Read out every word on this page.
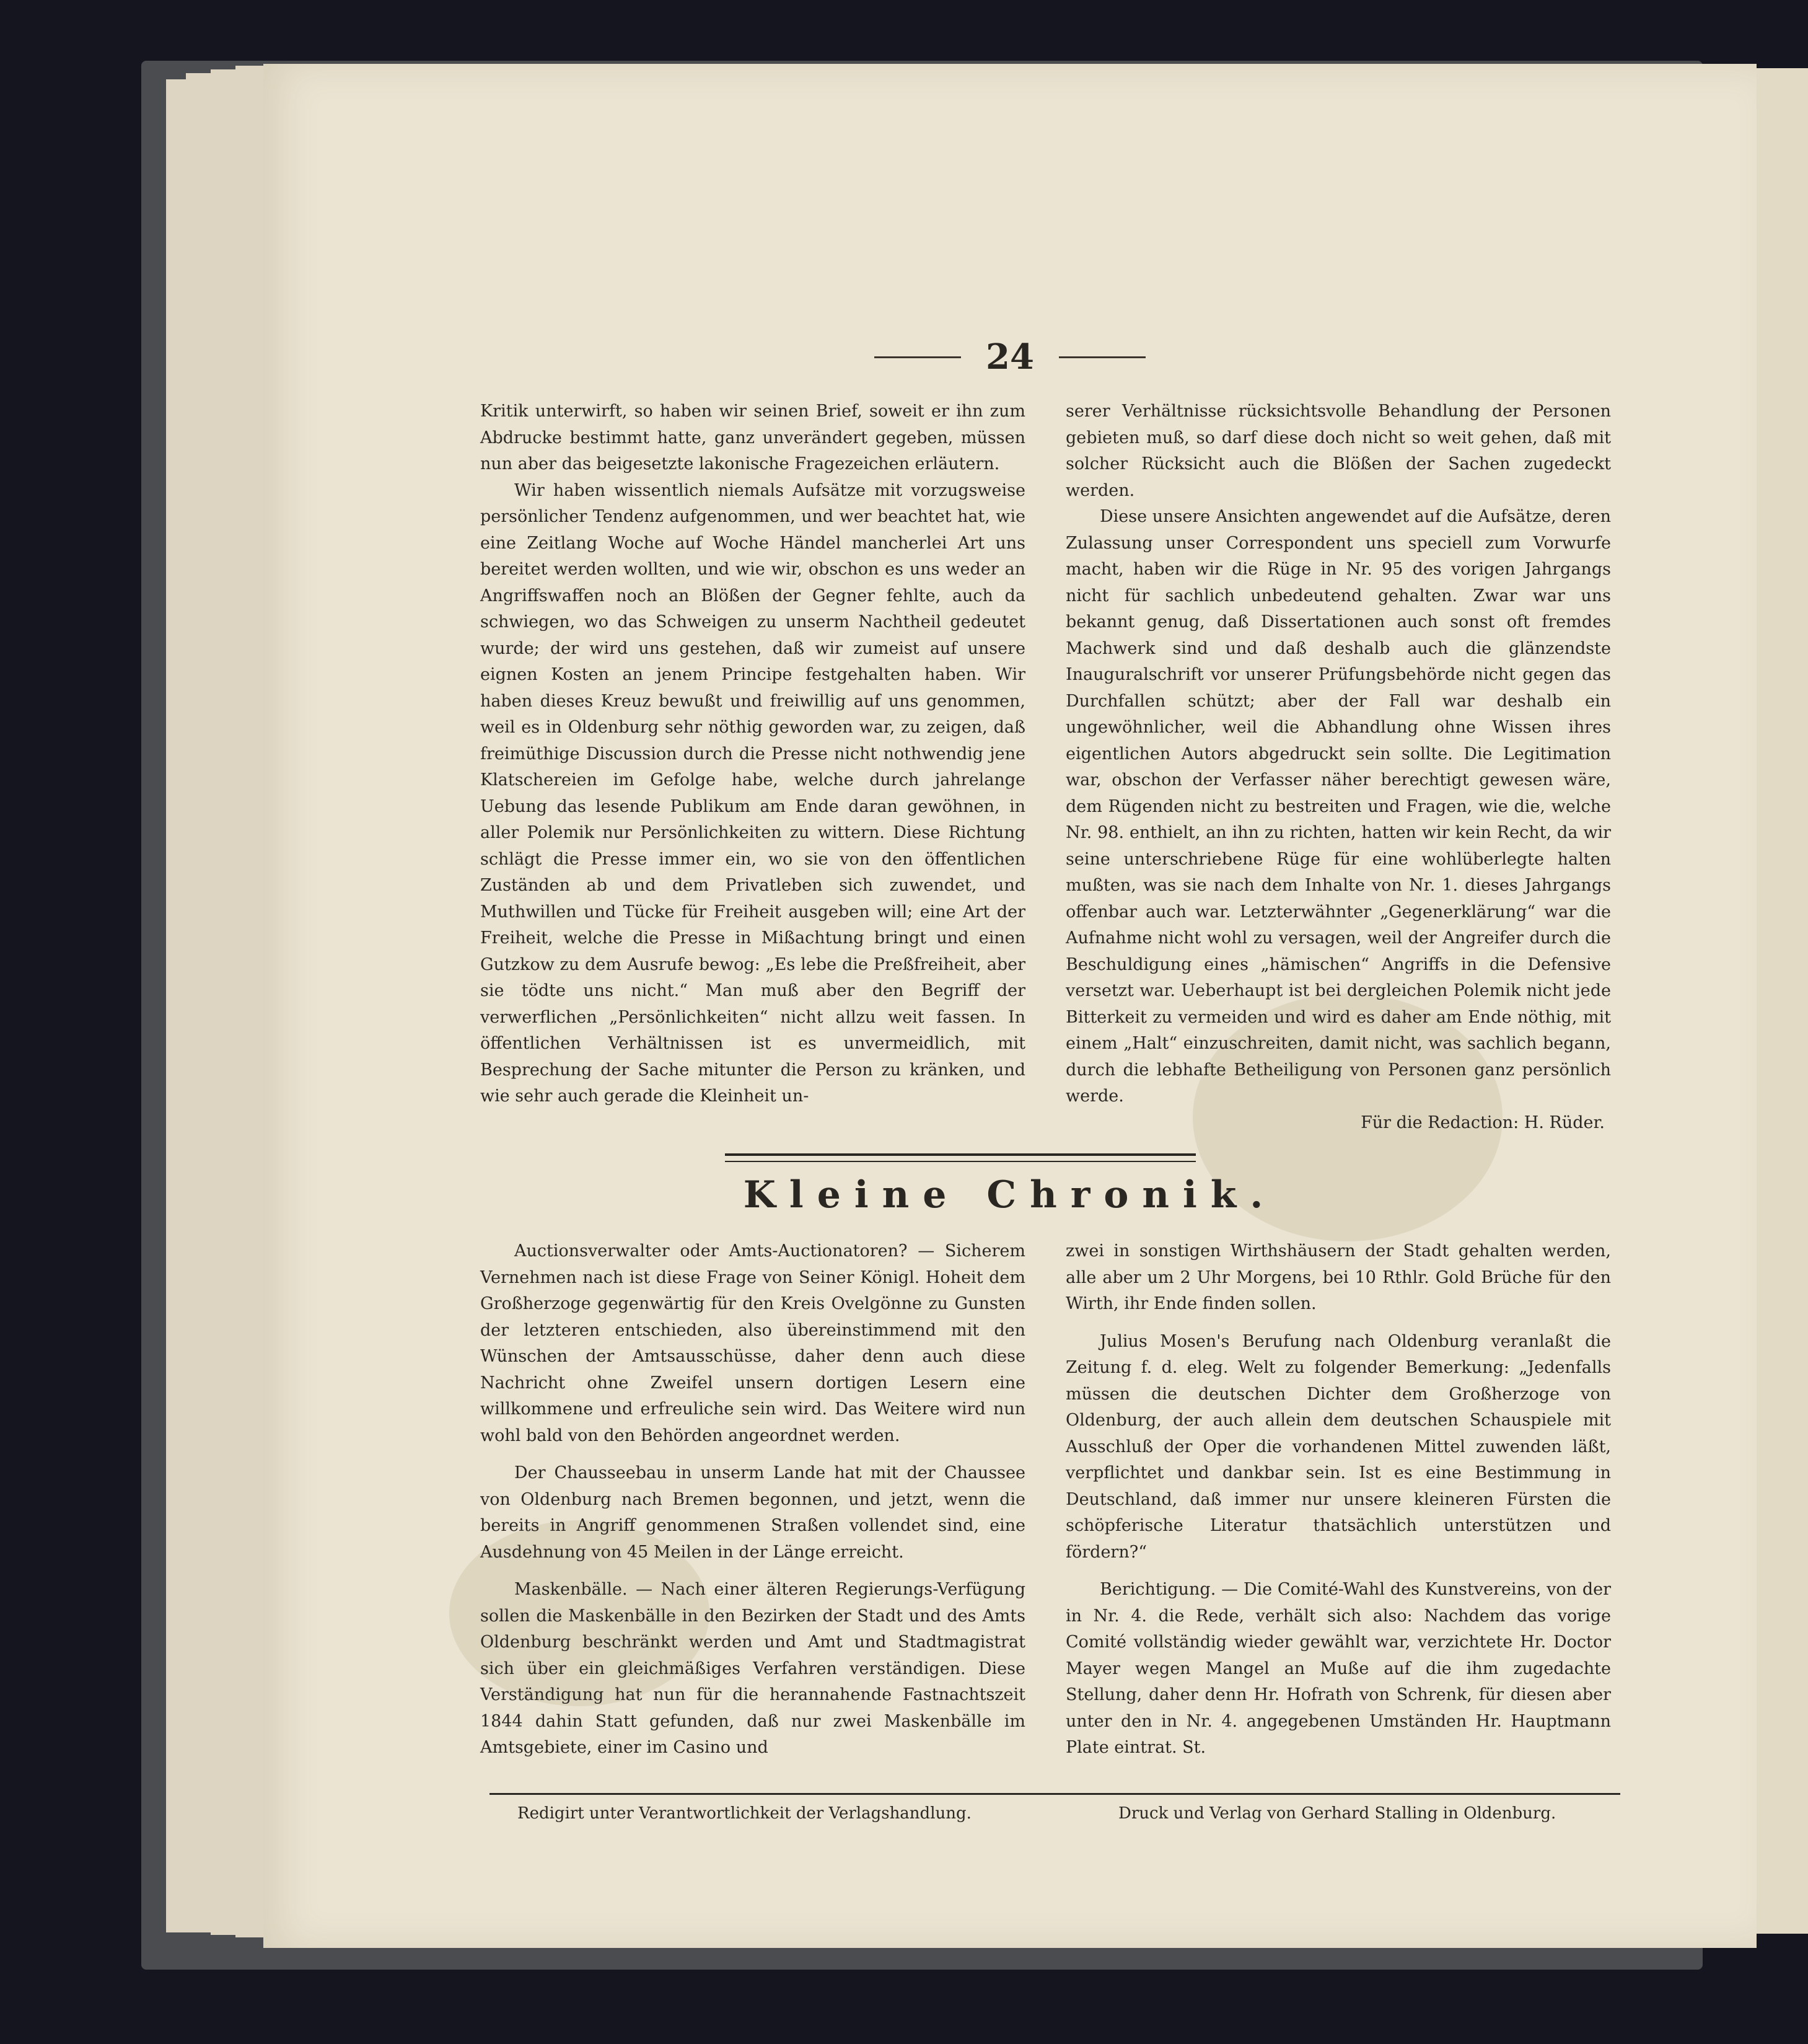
24

Kritik unterwirft, so haben wir seinen Brief, soweit er ihn zum Abdrucke bestimmt hatte, ganz unverändert gegeben, müssen nun aber das beigesetzte lakonische Fragezeichen erläutern.

Wir haben wissentlich niemals Aufsätze mit vorzugsweise persönlicher Tendenz aufgenommen, und wer beachtet hat, wie eine Zeitlang Woche auf Woche Händel mancherlei Art uns bereitet werden wollten, und wie wir, obschon es uns weder an Angriffswaffen noch an Blößen der Gegner fehlte, auch da schwiegen, wo das Schweigen zu unserm Nachtheil gedeutet wurde; der wird uns gestehen, daß wir zumeist auf unsere eignen Kosten an jenem Principe festgehalten haben. Wir haben dieses Kreuz bewußt und freiwillig auf uns genommen, weil es in Oldenburg sehr nöthig geworden war, zu zeigen, daß freimüthige Discussion durch die Presse nicht nothwendig jene Klatschereien im Gefolge habe, welche durch jahrelange Uebung das lesende Publikum am Ende daran gewöhnen, in aller Polemik nur Persönlichkeiten zu wittern. Diese Richtung schlägt die Presse immer ein, wo sie von den öffentlichen Zuständen ab und dem Privatleben sich zuwendet, und Muthwillen und Tücke für Freiheit ausgeben will; eine Art der Freiheit, welche die Presse in Mißachtung bringt und einen Gutzkow zu dem Ausrufe bewog: „Es lebe die Preßfreiheit, aber sie tödte uns nicht.“ Man muß aber den Begriff der verwerflichen „Persönlichkeiten“ nicht allzu weit fassen. In öffentlichen Verhältnissen ist es unvermeidlich, mit Besprechung der Sache mitunter die Person zu kränken, und wie sehr auch gerade die Kleinheit un-

serer Verhältnisse rücksichtsvolle Behandlung der Personen gebieten muß, so darf diese doch nicht so weit gehen, daß mit solcher Rücksicht auch die Blößen der Sachen zugedeckt werden.

Diese unsere Ansichten angewendet auf die Aufsätze, deren Zulassung unser Correspondent uns speciell zum Vorwurfe macht, haben wir die Rüge in Nr. 95 des vorigen Jahrgangs nicht für sachlich unbedeutend gehalten. Zwar war uns bekannt genug, daß Dissertationen auch sonst oft fremdes Machwerk sind und daß deshalb auch die glänzendste Inauguralschrift vor unserer Prüfungsbehörde nicht gegen das Durchfallen schützt; aber der Fall war deshalb ein ungewöhnlicher, weil die Abhandlung ohne Wissen ihres eigentlichen Autors abgedruckt sein sollte. Die Legitimation war, obschon der Verfasser näher berechtigt gewesen wäre, dem Rügenden nicht zu bestreiten und Fragen, wie die, welche Nr. 98. enthielt, an ihn zu richten, hatten wir kein Recht, da wir seine unterschriebene Rüge für eine wohlüberlegte halten mußten, was sie nach dem Inhalte von Nr. 1. dieses Jahrgangs offenbar auch war. Letzterwähnter „Gegenerklärung“ war die Aufnahme nicht wohl zu versagen, weil der Angreifer durch die Beschuldigung eines „hämischen“ Angriffs in die Defensive versetzt war. Ueberhaupt ist bei dergleichen Polemik nicht jede Bitterkeit zu vermeiden und wird es daher am Ende nöthig, mit einem „Halt“ einzuschreiten, damit nicht, was sachlich begann, durch die lebhafte Betheiligung von Personen ganz persönlich werde.

Für die Redaction: H. Rüder.

Kleine Chronik.

Auctionsverwalter oder Amts-Auctionatoren? — Sicherem Vernehmen nach ist diese Frage von Seiner Königl. Hoheit dem Großherzoge gegenwärtig für den Kreis Ovelgönne zu Gunsten der letzteren entschieden, also übereinstimmend mit den Wünschen der Amtsausschüsse, daher denn auch diese Nachricht ohne Zweifel unsern dortigen Lesern eine willkommene und erfreuliche sein wird. Das Weitere wird nun wohl bald von den Behörden angeordnet werden.

Der Chausseebau in unserm Lande hat mit der Chaussee von Oldenburg nach Bremen begonnen, und jetzt, wenn die bereits in Angriff genommenen Straßen vollendet sind, eine Ausdehnung von 45 Meilen in der Länge erreicht.

Maskenbälle. — Nach einer älteren Regierungs-Verfügung sollen die Maskenbälle in den Bezirken der Stadt und des Amts Oldenburg beschränkt werden und Amt und Stadtmagistrat sich über ein gleichmäßiges Verfahren verständigen. Diese Verständigung hat nun für die herannahende Fastnachtszeit 1844 dahin Statt gefunden, daß nur zwei Maskenbälle im Amtsgebiete, einer im Casino und

zwei in sonstigen Wirthshäusern der Stadt gehalten werden, alle aber um 2 Uhr Morgens, bei 10 Rthlr. Gold Brüche für den Wirth, ihr Ende finden sollen.

Julius Mosen's Berufung nach Oldenburg veranlaßt die Zeitung f. d. eleg. Welt zu folgender Bemerkung: „Jedenfalls müssen die deutschen Dichter dem Großherzoge von Oldenburg, der auch allein dem deutschen Schauspiele mit Ausschluß der Oper die vorhandenen Mittel zuwenden läßt, verpflichtet und dankbar sein. Ist es eine Bestimmung in Deutschland, daß immer nur unsere kleineren Fürsten die schöpferische Literatur thatsächlich unterstützen und fördern?“

Berichtigung. — Die Comité-Wahl des Kunstvereins, von der in Nr. 4. die Rede, verhält sich also: Nachdem das vorige Comité vollständig wieder gewählt war, verzichtete Hr. Doctor Mayer wegen Mangel an Muße auf die ihm zugedachte Stellung, daher denn Hr. Hofrath von Schrenk, für diesen aber unter den in Nr. 4. angegebenen Umständen Hr. Hauptmann Plate eintrat. St.

Redigirt unter Verantwortlichkeit der Verlagshandlung.	Druck und Verlag von Gerhard Stalling in Oldenburg.
